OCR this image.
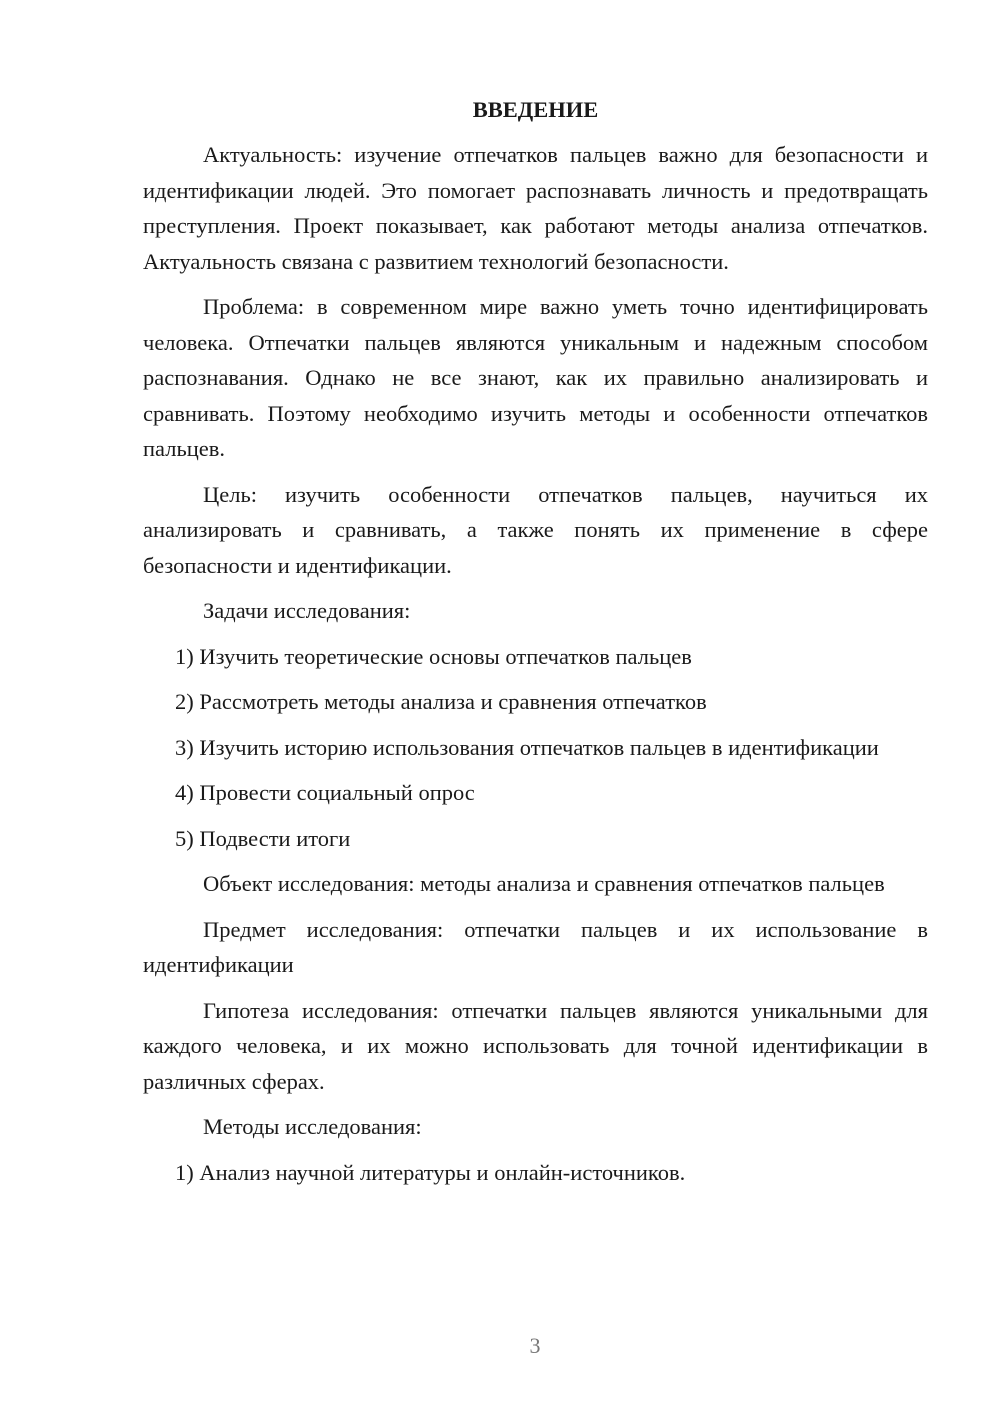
ВВЕДЕНИЕ
Актуальность: изучение отпечатков пальцев важно для безопасности и идентификации людей. Это помогает распознавать личность и предотвращать преступления. Проект показывает, как работают методы анализа отпечатков. Актуальность связана с развитием технологий безопасности.
Проблема: в современном мире важно уметь точно идентифицировать человека. Отпечатки пальцев являются уникальным и надежным способом распознавания. Однако не все знают, как их правильно анализировать и сравнивать. Поэтому необходимо изучить методы и особенности отпечатков пальцев.
Цель: изучить особенности отпечатков пальцев, научиться их анализировать и сравнивать, а также понять их применение в сфере безопасности и идентификации.
Задачи исследования:
1) Изучить теоретические основы отпечатков пальцев
2) Рассмотреть методы анализа и сравнения отпечатков
3) Изучить историю использования отпечатков пальцев в идентификации
4) Провести социальный опрос
5) Подвести итоги
Объект исследования: методы анализа и сравнения отпечатков пальцев
Предмет исследования: отпечатки пальцев и их использование в идентификации
Гипотеза исследования: отпечатки пальцев являются уникальными для каждого человека, и их можно использовать для точной идентификации в различных сферах.
Методы исследования:
1) Анализ научной литературы и онлайн-источников.
3
